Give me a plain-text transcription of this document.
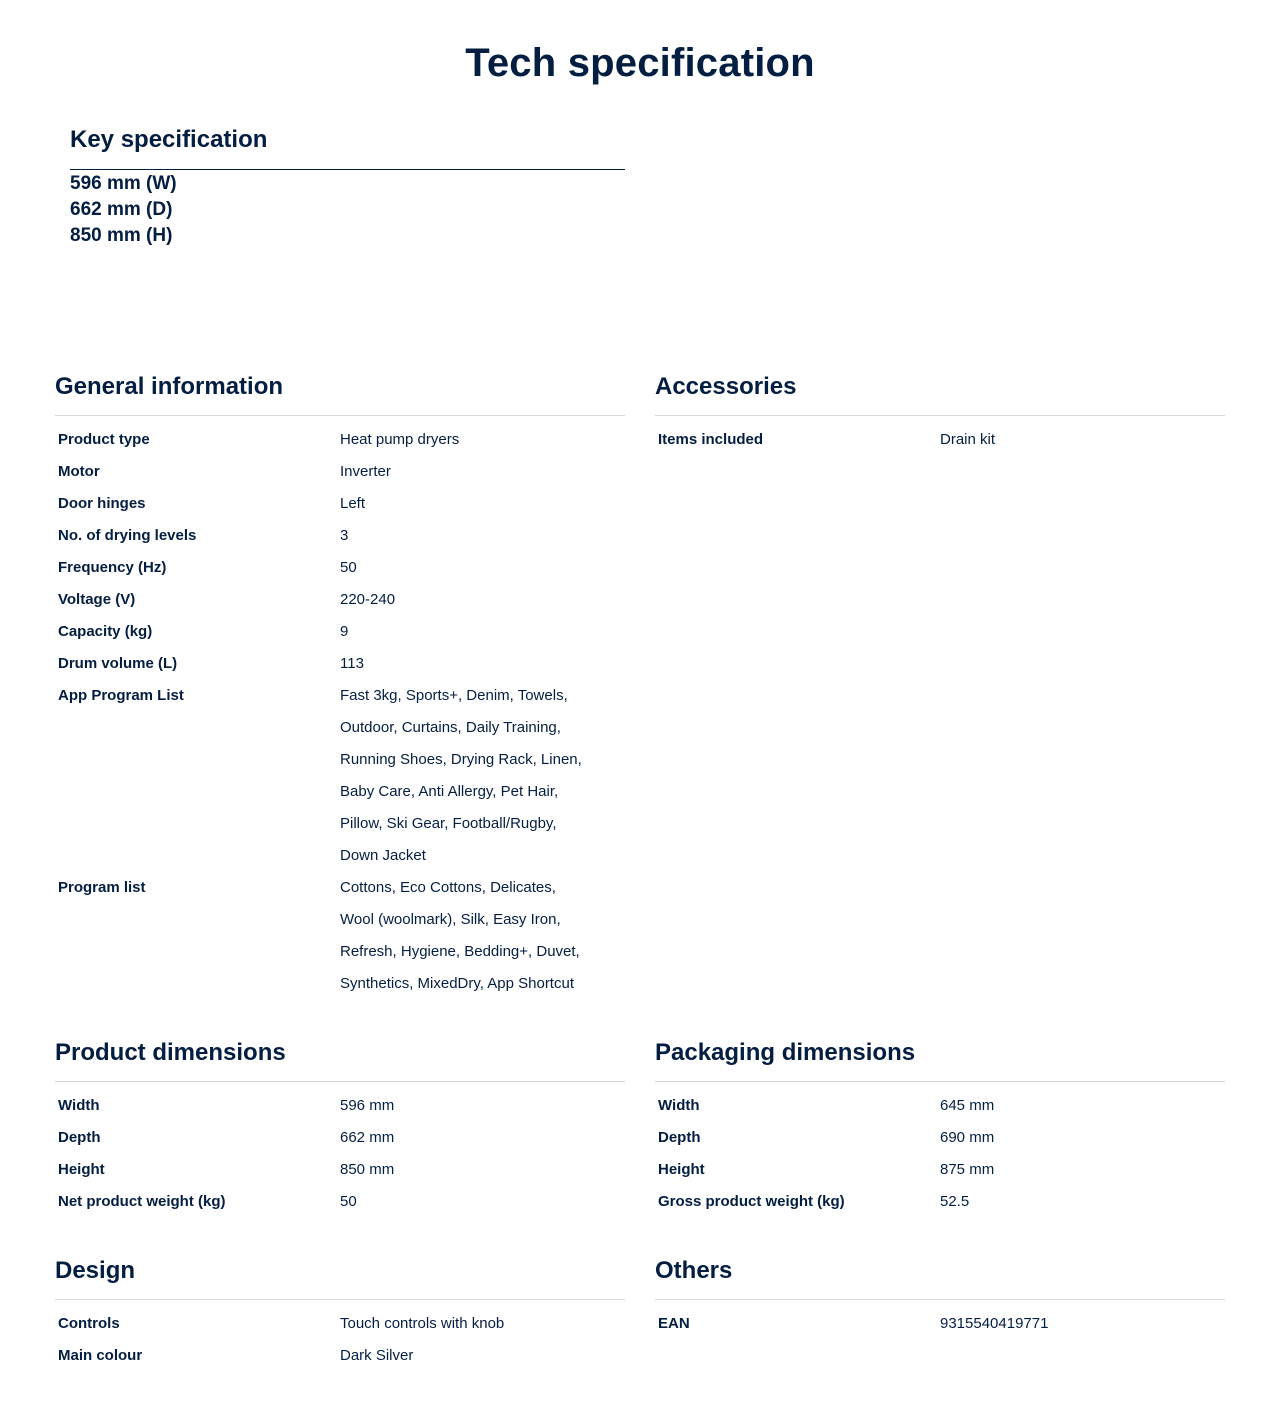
Tech specification
Key specification
596 mm (W)
662 mm (D)
850 mm (H)
General information
Product type	Heat pump dryers
Motor	Inverter
Door hinges	Left
No. of drying levels	3
Frequency (Hz)	50
Voltage (V)	220-240
Capacity (kg)	9
Drum volume (L)	113
App Program List	Fast 3kg, Sports+, Denim, Towels,
Outdoor, Curtains, Daily Training,
Running Shoes, Drying Rack, Linen,
Baby Care, Anti Allergy, Pet Hair,
Pillow, Ski Gear, Football/Rugby,
Down Jacket
Program list	Cottons, Eco Cottons, Delicates,
Wool (woolmark), Silk, Easy Iron,
Refresh, Hygiene, Bedding+, Duvet,
Synthetics, MixedDry, App Shortcut
Accessories
Items included	Drain kit
Product dimensions
Width	596 mm
Depth	662 mm
Height	850 mm
Net product weight (kg)	50
Packaging dimensions
Width	645 mm
Depth	690 mm
Height	875 mm
Gross product weight (kg)	52.5
Design
Controls	Touch controls with knob
Main colour	Dark Silver
Others
EAN	9315540419771
